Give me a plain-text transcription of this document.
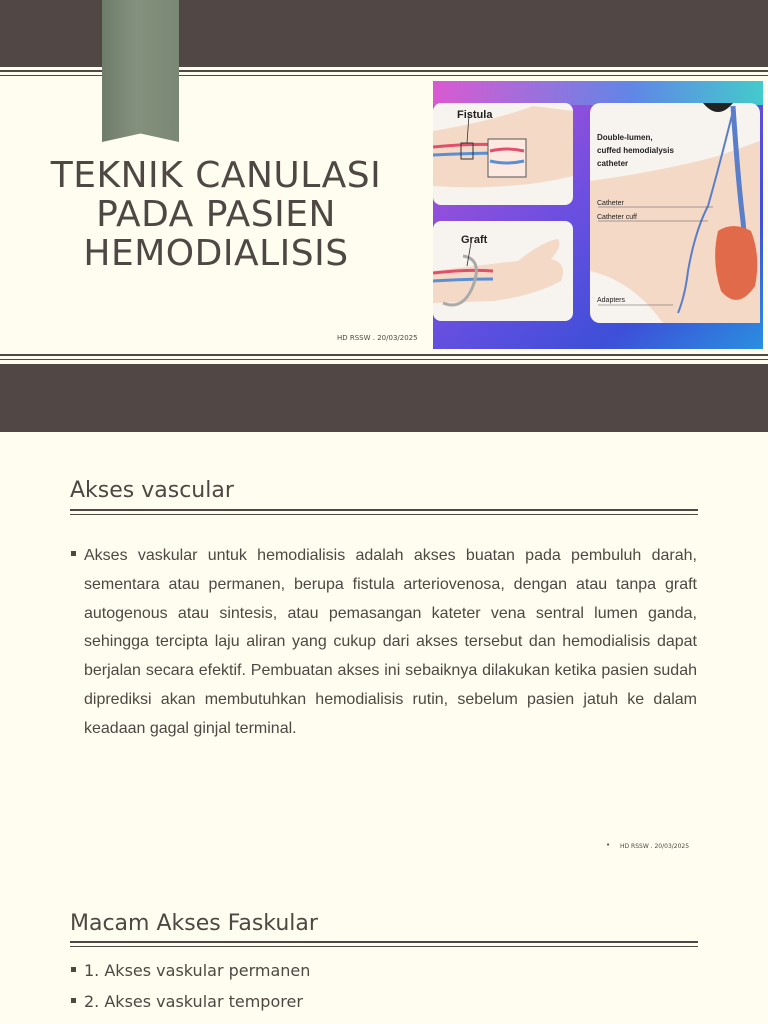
TEKNIK CANULASI PADA PASIEN HEMODIALISIS
HD RSSW . 20/03/2025
Fistula
Graft
Double-lumen,
cuffed hemodialysis
catheter
Catheter
Catheter cuff
Adapters
Akses vascular

Akses vaskular untuk hemodialisis adalah akses buatan pada pembuluh darah, sementara atau permanen, berupa fistula arteriovenosa, dengan atau tanpa graft autogenous atau sintesis, atau pemasangan kateter vena sentral lumen ganda, sehingga tercipta laju aliran yang cukup dari akses tersebut dan hemodialisis dapat berjalan secara efektif. Pembuatan akses ini sebaiknya dilakukan ketika pasien sudah diprediksi akan membutuhkan hemodialisis rutin, sebelum pasien jatuh ke dalam keadaan gagal ginjal terminal.

• HD RSSW . 20/03/2025
Macam Akses Faskular
1. Akses vaskular permanen
2. Akses vaskular temporer
